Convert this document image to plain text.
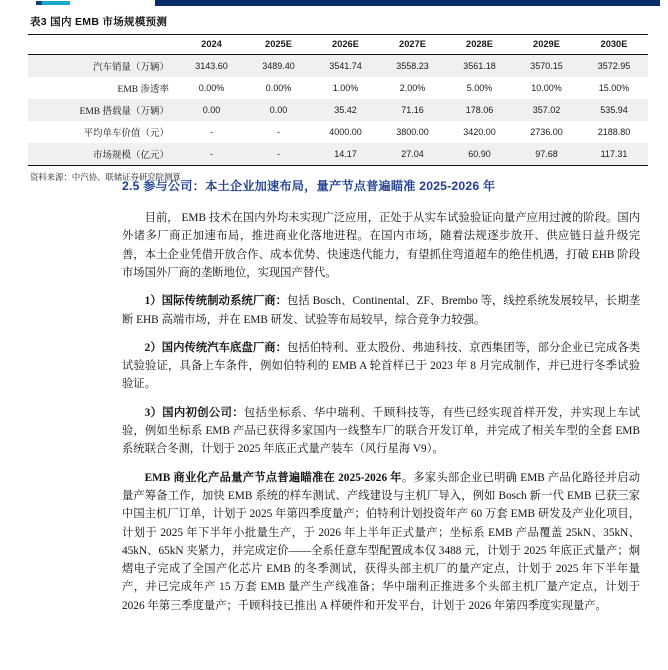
表3 国内 EMB 市场规模预测
	2024	2025E	2026E	2027E	2028E	2029E	2030E
汽车销量（万辆）	3143.60	3489.40	3541.74	3558.23	3561.18	3570.15	3572.95
EMB 渗透率	0.00%	0.00%	1.00%	2.00%	5.00%	10.00%	15.00%
EMB 搭载量（万辆）	0.00	0.00	35.42	71.16	178.06	357.02	535.94
平均单车价值（元）	-	-	4000.00	3800.00	3420.00	2736.00	2188.80
市场规模（亿元）	-	-	14.17	27.04	60.90	97.68	117.31
资料来源：中汽协、联储证券研究院测算
2.5 参与公司：本土企业加速布局，量产节点普遍瞄准 2025-2026 年

目前， EMB 技术在国内外均未实现广泛应用，正处于从实车试验验证向量产应用过渡的阶段。国内外诸多厂商正加速布局，推进商业化落地进程。在国内市场，随着法规逐步放开、供应链日益升级完善，本土企业凭借开放合作、成本优势、快速迭代能力，有望抓住弯道超车的绝佳机遇，打破 EHB 阶段市场国外厂商的垄断地位，实现国产替代。

1）国际传统制动系统厂商：包括 Bosch、Continental、ZF、Brembo 等，线控系统发展较早，长期垄断 EHB 高端市场，并在 EMB 研发、试验等布局较早，综合竞争力较强。

2）国内传统汽车底盘厂商：包括伯特利、亚太股份、弗迪科技、京西集团等，部分企业已完成各类试验验证，具备上车条件，例如伯特利的 EMB A 轮首样已于 2023 年 8 月完成制作，并已进行冬季试验验证。

3）国内初创公司：包括坐标系、华中瑞利、千顾科技等，有些已经实现首样开发，并实现上车试验，例如坐标系 EMB 产品已获得多家国内一线整车厂的联合开发订单，并完成了相关车型的全套 EMB 系统联合冬测，计划于 2025 年底正式量产装车（风行星海 V9）。

EMB 商业化产品量产节点普遍瞄准在 2025-2026 年。多家头部企业已明确 EMB 产品化路径并启动量产筹备工作，加快 EMB 系统的样车测试、产线建设与主机厂导入，例如 Bosch 新一代 EMB 已获三家中国主机厂订单，计划于 2025 年第四季度量产；伯特利计划投资年产 60 万套 EMB 研发及产业化项目，计划于 2025 年下半年小批量生产，于 2026 年上半年正式量产；坐标系 EMB 产品覆盖 25kN、35kN、45kN、65kN 夹紧力，并完成定价——全系任意车型配置成本仅 3488 元，计划于 2025 年底正式量产；炯熠电子完成了全国产化芯片 EMB 的冬季测试，获得头部主机厂的量产定点，计划于 2025 年下半年量产，并已完成年产 15 万套 EMB 量产生产线准备；华中瑞利正推进多个头部主机厂量产定点，计划于 2026 年第三季度量产；千顾科技已推出 A 样硬件和开发平台，计划于 2026 年第四季度实现量产。
